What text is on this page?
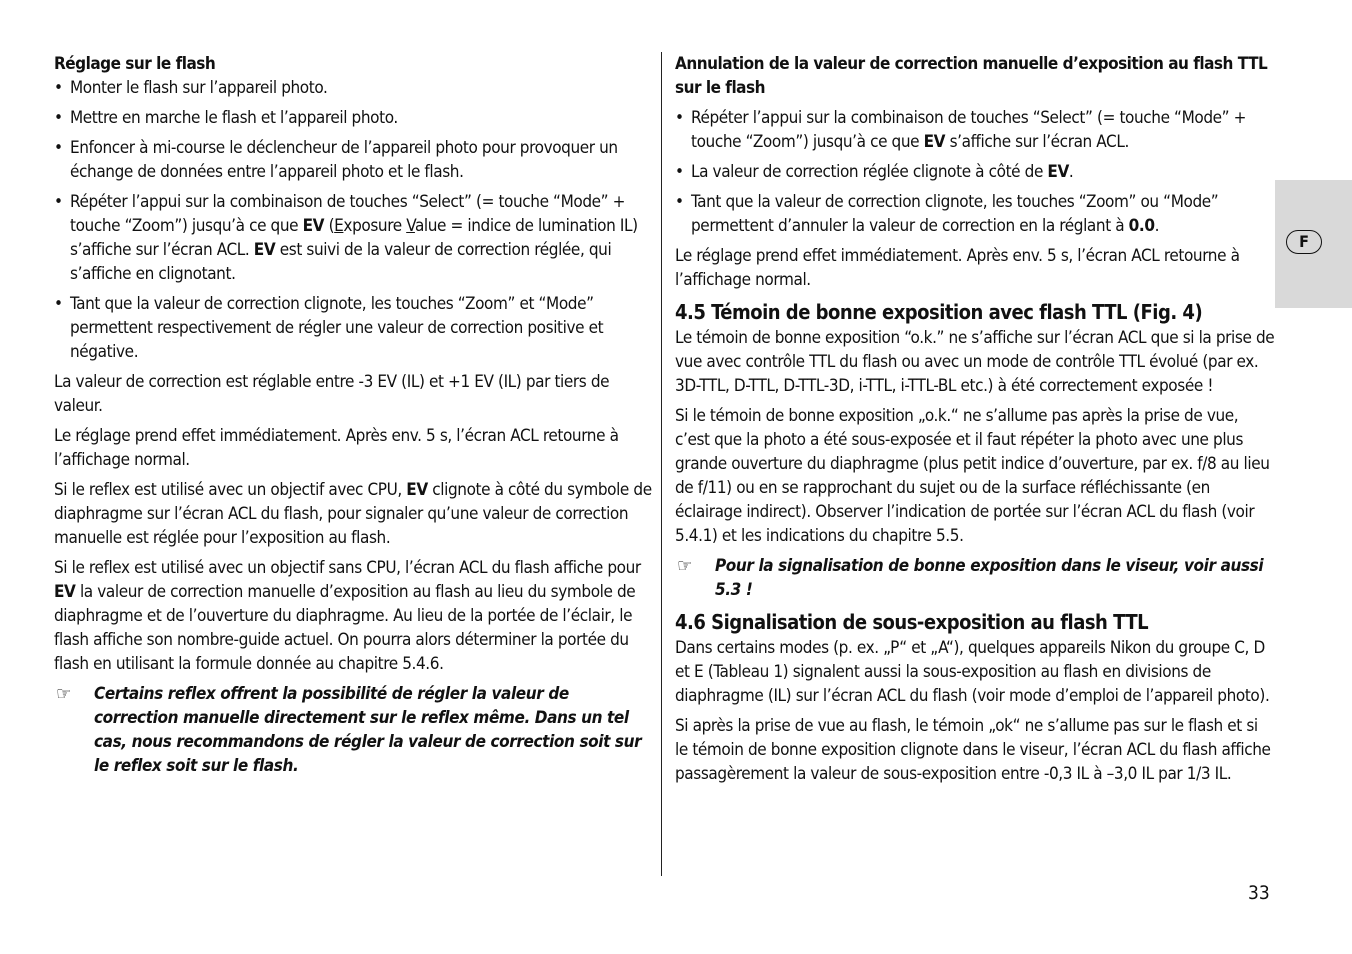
Réglage sur le flash
• Monter le flash sur l’appareil photo.
• Mettre en marche le flash et l’appareil photo.
• Enfoncer à mi-course le déclencheur de l’appareil photo pour provoquer un échange de données entre l’appareil photo et le flash.
• Répéter l’appui sur la combinaison de touches “Select” (= touche “Mode” + touche “Zoom”) jusqu’à ce que EV (Exposure Value = indice de lumination IL) s’affiche sur l’écran ACL. EV est suivi de la valeur de correction réglée, qui s’affiche en clignotant.
• Tant que la valeur de correction clignote, les touches “Zoom” et “Mode” permettent respectivement de régler une valeur de correction positive et négative.

La valeur de correction est réglable entre -3 EV (IL) et +1 EV (IL) par tiers de valeur.

Le réglage prend effet immédiatement. Après env. 5 s, l’écran ACL retourne à l’affichage normal.

Si le reflex est utilisé avec un objectif avec CPU, EV clignote à côté du symbole de diaphragme sur l’écran ACL du flash, pour signaler qu’une valeur de correction manuelle est réglée pour l’exposition au flash.

Si le reflex est utilisé avec un objectif sans CPU, l’écran ACL du flash affiche pour EV la valeur de correction manuelle d’exposition au flash au lieu du symbole de diaphragme et de l’ouverture du diaphragme. Au lieu de la portée de l’éclair, le flash affiche son nombre-guide actuel. On pourra alors déterminer la portée du flash en utilisant la formule donnée au chapitre 5.4.6.

☞ Certains reflex offrent la possibilité de régler la valeur de correction manuelle directement sur le reflex même. Dans un tel cas, nous recommandons de régler la valeur de correction soit sur le reflex soit sur le flash.
Annulation de la valeur de correction manuelle d’exposition au flash TTL sur le flash
• Répéter l’appui sur la combinaison de touches “Select” (= touche “Mode” + touche “Zoom”) jusqu’à ce que EV s’affiche sur l’écran ACL.
• La valeur de correction réglée clignote à côté de EV.
• Tant que la valeur de correction clignote, les touches “Zoom” ou “Mode” permettent d’annuler la valeur de correction en la réglant à 0.0.

Le réglage prend effet immédiatement. Après env. 5 s, l’écran ACL retourne à l’affichage normal.

4.5 Témoin de bonne exposition avec flash TTL (Fig. 4)

Le témoin de bonne exposition “o.k.” ne s’affiche sur l’écran ACL que si la prise de vue avec contrôle TTL du flash ou avec un mode de contrôle TTL évolué (par ex. 3D-TTL, D-TTL, D-TTL-3D, i-TTL, i-TTL-BL etc.) à été correctement exposée !

Si le témoin de bonne exposition „o.k.“ ne s’allume pas après la prise de vue, c’est que la photo a été sous-exposée et il faut répéter la photo avec une plus grande ouverture du diaphragme (plus petit indice d’ouverture, par ex. f/8 au lieu de f/11) ou en se rapprochant du sujet ou de la surface réfléchissante (en éclairage indirect). Observer l’indication de portée sur l’écran ACL du flash (voir 5.4.1) et les indications du chapitre 5.5.

☞ Pour la signalisation de bonne exposition dans le viseur, voir aussi 5.3 !
4.6 Signalisation de sous-exposition au flash TTL

Dans certains modes (p. ex. „P“ et „A“), quelques appareils Nikon du groupe C, D et E (Tableau 1) signalent aussi la sous-exposition au flash en divisions de diaphragme (IL) sur l’écran ACL du flash (voir mode d’emploi de l’appareil photo).

Si après la prise de vue au flash, le témoin „ok“ ne s’allume pas sur le flash et si le témoin de bonne exposition clignote dans le viseur, l’écran ACL du flash affiche passagèrement la valeur de sous-exposition entre -0,3 IL à –3,0 IL par 1/3 IL.

F
33
